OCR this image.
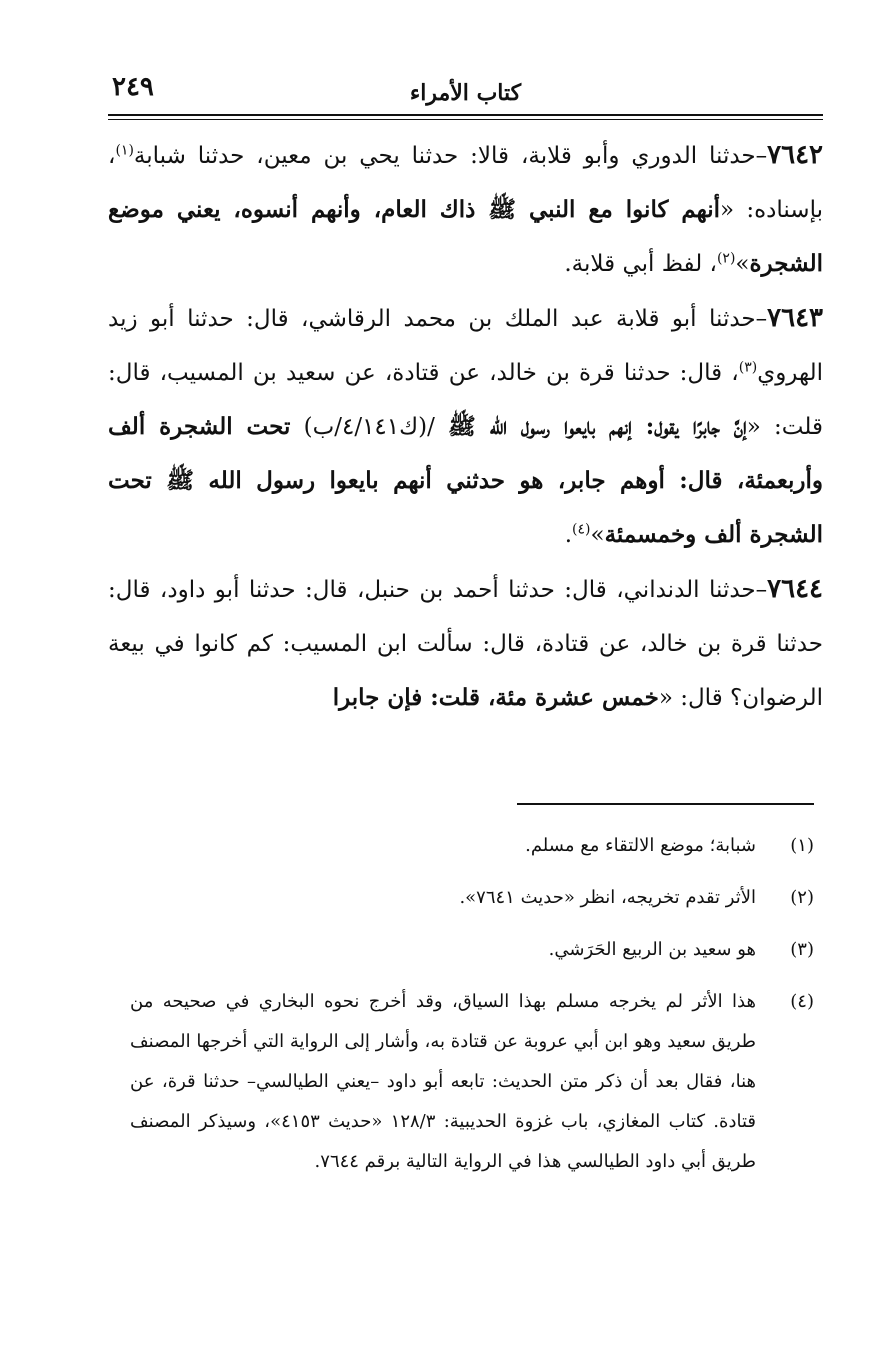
كتاب الأمراء
٢٤٩

٧٦٤٢–حدثنا الدوري وأبو قلابة، قالا: حدثنا يحي بن معين، حدثنا شبابة$^{(١)}$، بإسناده: «أنهم كانوا مع النبي ﷺ ذاك العام، وأنهم أنسوه، يعني موضع الشجرة»$^{(٢)}$، لفظ أبي قلابة.

٧٦٤٣–حدثنا أبو قلابة عبد الملك بن محمد الرقاشي، قال: حدثنا أبو زيد الهروي$^{(٣)}$، قال: حدثنا قرة بن خالد، عن قتادة، عن سعيد بن المسيب، قال: قلت: «إنَّ جابرًا يقول: إنهم بايعوا رسول الله ﷺ /(ك٤/١٤١/ب) تحت الشجرة ألف وأربعمئة، قال: أوهم جابر، هو حدثني أنهم بايعوا رسول الله ﷺ تحت الشجرة ألف وخمسمئة»$^{(٤)}$.

٧٦٤٤–حدثنا الدنداني، قال: حدثنا أحمد بن حنبل، قال: حدثنا أبو داود، قال: حدثنا قرة بن خالد، عن قتادة، قال: سألت ابن المسيب: كم كانوا في بيعة الرضوان؟ قال: «خمس عشرة مئة، قلت: فإن جابرا

(١)
شبابة؛ موضع الالتقاء مع مسلم.
(٢)
الأثر تقدم تخريجه، انظر «حديث ٧٦٤١».
(٣)
هو سعيد بن الربيع الحَرَشي.
(٤)
هذا الأثر لم يخرجه مسلم بهذا السياق، وقد أخرج نحوه البخاري في صحيحه من طريق سعيد وهو ابن أبي عروبة عن قتادة به، وأشار إلى الرواية التي أخرجها المصنف هنا، فقال بعد أن ذكر متن الحديث: تابعه أبو داود –يعني الطيالسي– حدثنا قرة، عن قتادة. كتاب المغازي، باب غزوة الحديبية: ١٢٨/٣ «حديث ٤١٥٣»، وسيذكر المصنف طريق أبي داود الطيالسي هذا في الرواية التالية برقم ٧٦٤٤.
